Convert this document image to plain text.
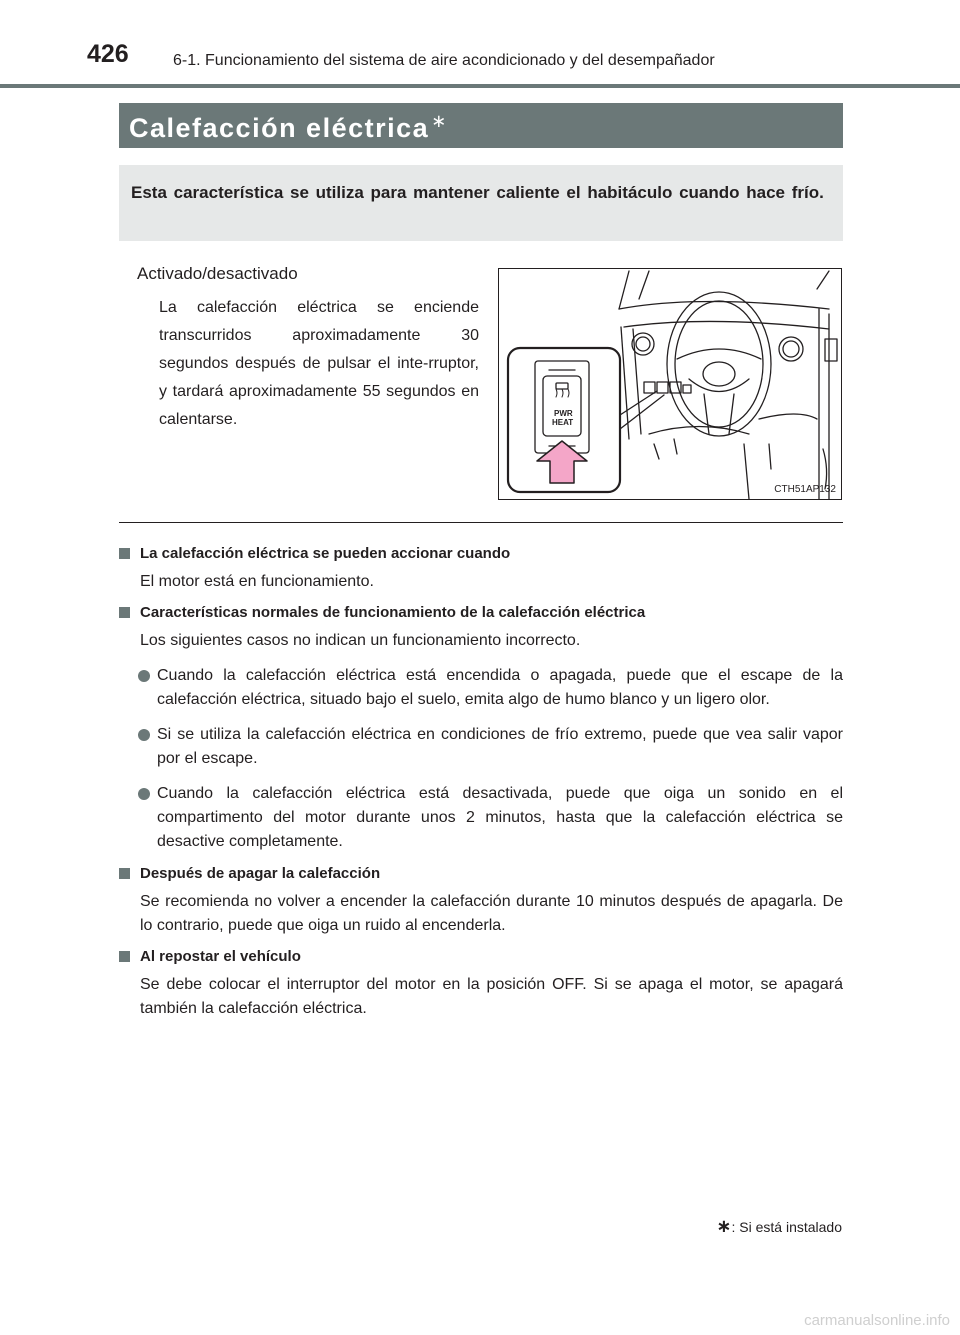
426	6-1. Funcionamiento del sistema de aire acondicionado y del desempañador
Calefacción eléctrica ∗
Esta característica se utiliza para mantener caliente el habitáculo cuando hace frío.
Activado/desactivado
La calefacción eléctrica se enciende transcurridos aproximadamente 30 segundos después de pulsar el inte-rruptor, y tardará aproximadamente 55 segundos en calentarse.	PWR
HEAT
CTH51AP132
La calefacción eléctrica se pueden accionar cuando
El motor está en funcionamiento.
Características normales de funcionamiento de la calefacción eléctrica
Los siguientes casos no indican un funcionamiento incorrecto.
Cuando la calefacción eléctrica está encendida o apagada, puede que el escape de la calefacción eléctrica, situado bajo el suelo, emita algo de humo blanco y un ligero olor.
Si se utiliza la calefacción eléctrica en condiciones de frío extremo, puede que vea salir vapor por el escape.
Cuando la calefacción eléctrica está desactivada, puede que oiga un sonido en el compartimento del motor durante unos 2 minutos, hasta que la calefacción eléctrica se desactive completamente.
Después de apagar la calefacción
Se recomienda no volver a encender la calefacción durante 10 minutos después de apagarla. De lo contrario, puede que oiga un ruido al encenderla.
Al repostar el vehículo
Se debe colocar el interruptor del motor en la posición OFF. Si se apaga el motor, se apagará también la calefacción eléctrica.
∗: Si está instalado
carmanualsonline.info
